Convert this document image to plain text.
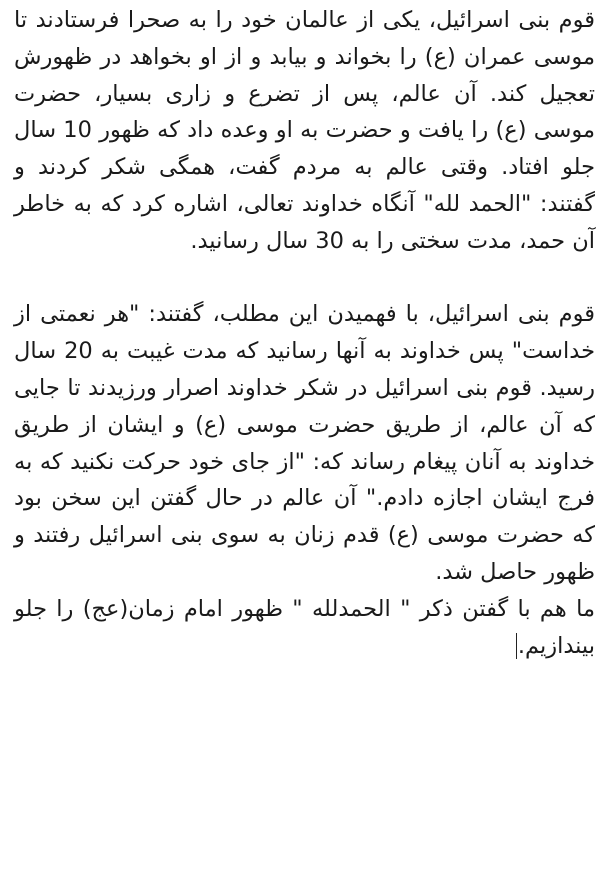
قوم بنی اسرائیل، یکی از عالمان خود را به صحرا فرستادند تا موسی عمران (ع) را بخواند و بیابد و از او بخواهد در ظهورش تعجیل کند. آن عالم، پس از تضرع و زاری بسیار، حضرت موسی (ع) را یافت و حضرت به او وعده داد که ظهور 10 سال جلو افتاد. وقتی عالم به مردم گفت، همگی شکر کردند و گفتند: "الحمد لله" آنگاه خداوند تعالی، اشاره کرد که به خاطر آن حمد، مدت سختی را به 30 سال رسانید.

قوم بنی اسرائیل، با فهمیدن این مطلب، گفتند: "هر نعمتی از خداست" پس خداوند به آنها رسانید که مدت غیبت به 20 سال رسید. قوم بنی اسرائیل در شکر خداوند اصرار ورزیدند تا جایی که آن عالم، از طریق حضرت موسی (ع) و ایشان از طریق خداوند به آنان پیغام رساند که: "از جای خود حرکت نکنید که به فرج ایشان اجازه دادم." آن عالم در حال گفتن این سخن بود که حضرت موسی (ع) قدم زنان به سوی بنی اسرائیل رفتند و ظهور حاصل شد.

ما هم با گفتن ذکر " الحمدلله " ظهور امام زمان(عج) را جلو بیندازیم.
